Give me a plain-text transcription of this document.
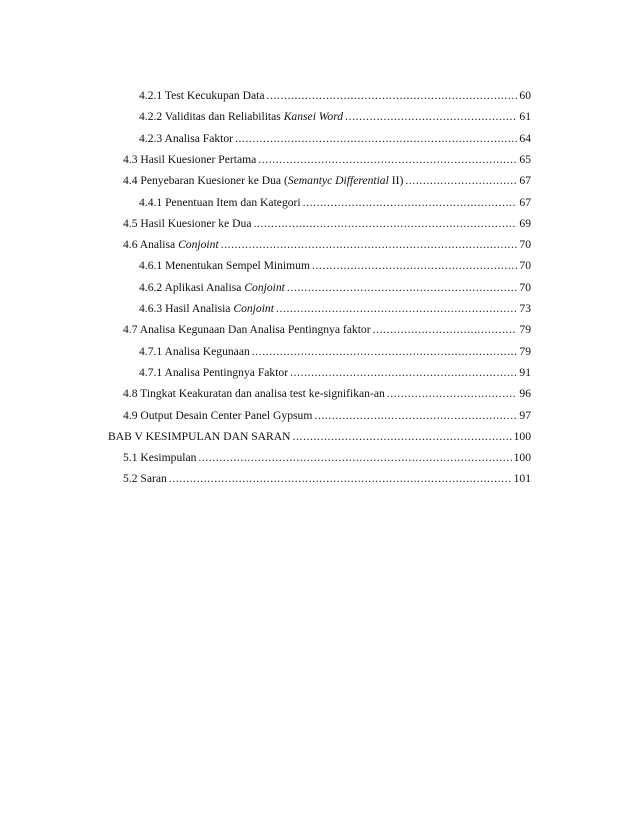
4.2.1 Test Kecukupan Data .....	60
4.2.2 Validitas dan Reliabilitas Kansei Word .....	61
4.2.3 Analisa Faktor .....	64
4.3 Hasil Kuesioner Pertama .....	65
4.4 Penyebaran Kuesioner ke Dua (Semantyc Differential II) .....	67
4.4.1 Penentuan Item dan Kategori .....	67
4.5 Hasil Kuesioner ke Dua .....	69
4.6 Analisa Conjoint .....	70
4.6.1 Menentukan Sempel Minimum .....	70
4.6.2 Aplikasi Analisa Conjoint .....	70
4.6.3 Hasil Analisia Conjoint .....	73
4.7 Analisa Kegunaan Dan Analisa Pentingnya faktor .....	79
4.7.1 Analisa Kegunaan .....	79
4.7.1 Analisa Pentingnya Faktor .....	91
4.8 Tingkat Keakuratan dan analisa test ke-signifikan-an .....	96
4.9 Output Desain Center Panel Gypsum .....	97
BAB V KESIMPULAN DAN SARAN .....	100
5.1 Kesimpulan .....	100
5.2 Saran .....	101
